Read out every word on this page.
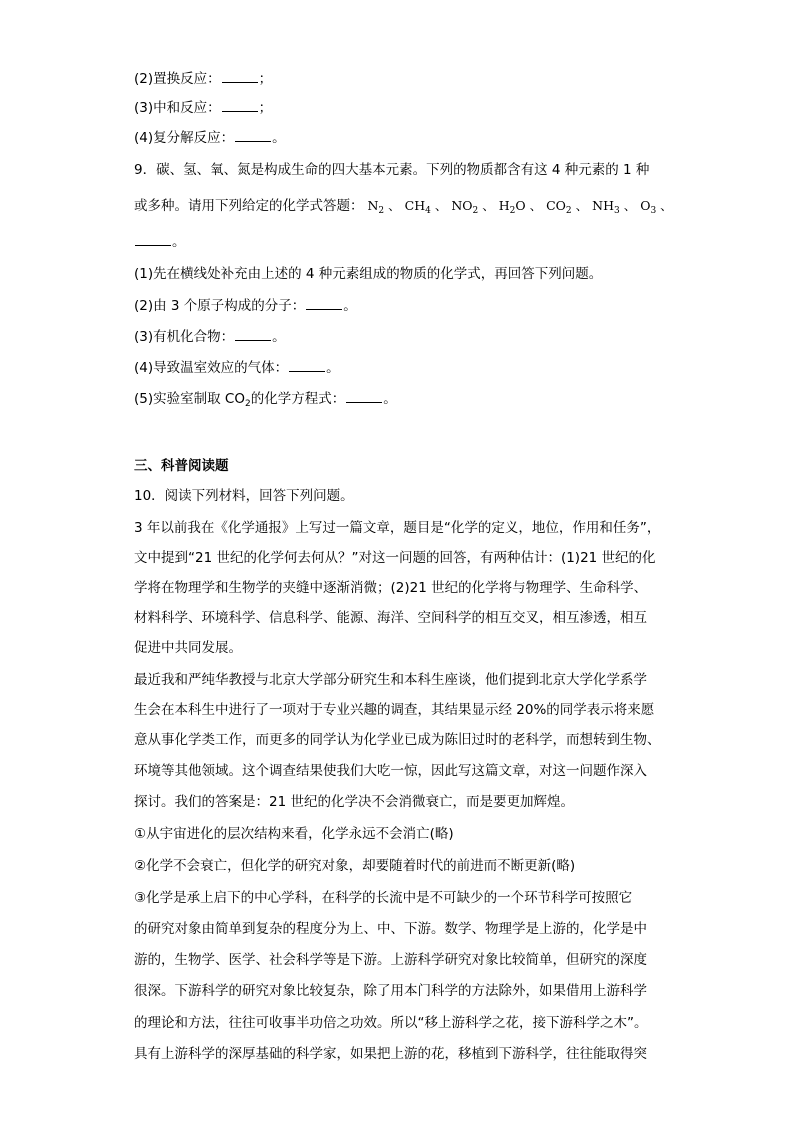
(2)置换反应：	；
(3)中和反应：	；
(4)复分解反应：	。
9．碳、氢、氧、氮是构成生命的四大基本元素。下列的物质都含有这 4 种元素的 1 种
或多种。请用下列给定的化学式答题： $N_2$ 、 $CH_4$ 、 $NO_2$ 、 $H_2O$ 、 $CO_2$ 、 $NH_3$ 、 $O_3$ 、
。
(1)先在横线处补充由上述的 4 种元素组成的物质的化学式，再回答下列问题。
(2)由 3 个原子构成的分子：	。
(3)有机化合物：	。
(4)导致温室效应的气体：	。
(5)实验室制取 $CO_2$的化学方程式：	。
三、科普阅读题
10．阅读下列材料，回答下列问题。
3 年以前我在《化学通报》上写过一篇文章，题目是“化学的定义，地位，作用和任务”，
文中提到“21 世纪的化学何去何从？”对这一问题的回答，有两种估计：(1)21 世纪的化
学将在物理学和生物学的夹缝中逐渐消微；(2)21 世纪的化学将与物理学、生命科学、
材料科学、环境科学、信息科学、能源、海洋、空间科学的相互交叉，相互渗透，相互
促进中共同发展。
最近我和严纯华教授与北京大学部分研究生和本科生座谈，他们提到北京大学化学系学
生会在本科生中进行了一项对于专业兴趣的调查，其结果显示经 20%的同学表示将来愿
意从事化学类工作，而更多的同学认为化学业已成为陈旧过时的老科学，而想转到生物、
环境等其他领域。这个调查结果使我们大吃一惊，因此写这篇文章，对这一问题作深入
探讨。我们的答案是：21 世纪的化学决不会消微衰亡，而是要更加辉煌。
①从宇宙进化的层次结构来看，化学永远不会消亡(略)
②化学不会衰亡，但化学的研究对象，却要随着时代的前进而不断更新(略)
③化学是承上启下的中心学科，在科学的长流中是不可缺少的一个环节科学可按照它
的研究对象由简单到复杂的程度分为上、中、下游。数学、物理学是上游的，化学是中
游的，生物学、医学、社会科学等是下游。上游科学研究对象比较简单，但研究的深度
很深。下游科学的研究对象比较复杂，除了用本门科学的方法除外，如果借用上游科学
的理论和方法，往往可收事半功倍之功效。所以“移上游科学之花，接下游科学之木”。
具有上游科学的深厚基础的科学家，如果把上游的花，移植到下游科学，往往能取得突
